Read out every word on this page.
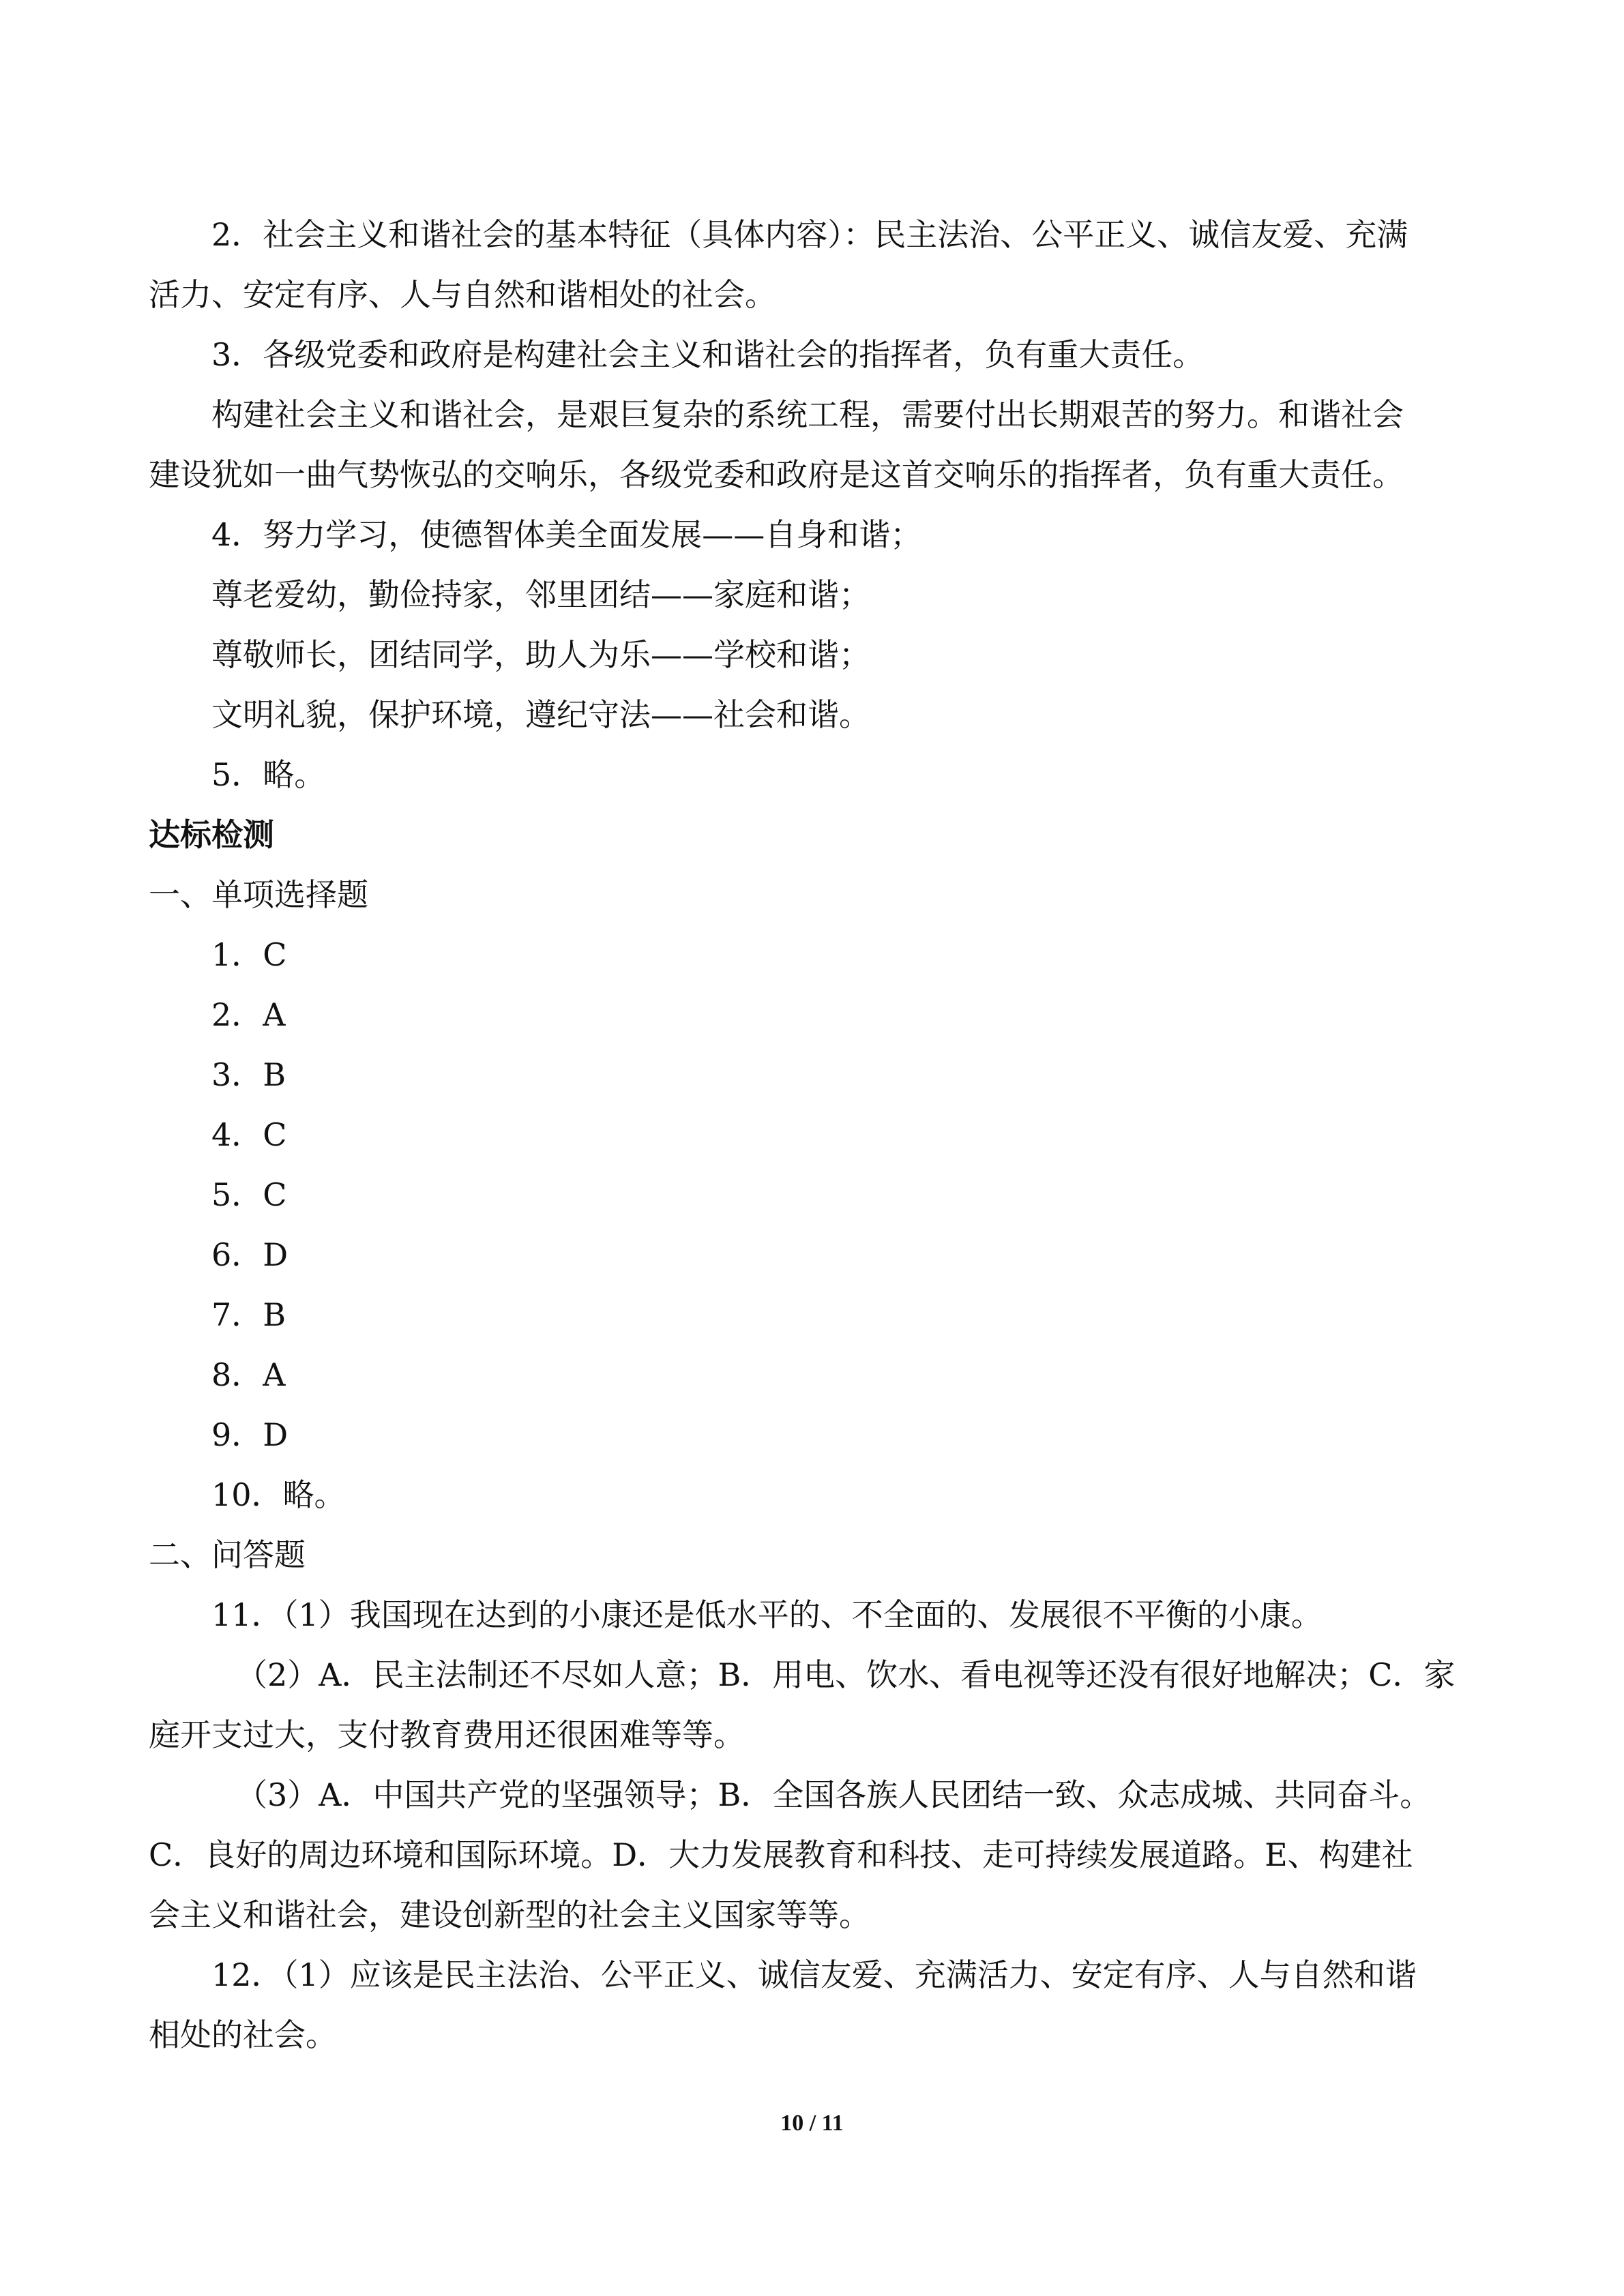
2．社会主义和谐社会的基本特征（具体内容）：民主法治、公平正义、诚信友爱、充满
活力、安定有序、人与自然和谐相处的社会。
3．各级党委和政府是构建社会主义和谐社会的指挥者，负有重大责任。
构建社会主义和谐社会，是艰巨复杂的系统工程，需要付出长期艰苦的努力。和谐社会
建设犹如一曲气势恢弘的交响乐，各级党委和政府是这首交响乐的指挥者，负有重大责任。
4．努力学习，使德智体美全面发展——自身和谐；
尊老爱幼，勤俭持家，邻里团结——家庭和谐；
尊敬师长，团结同学，助人为乐——学校和谐；
文明礼貌，保护环境，遵纪守法——社会和谐。
5．略。
达标检测
一、单项选择题
1．C
2．A
3．B
4．C
5．C
6．D
7．B
8．A
9．D
10．略。
二、问答题
11．（1）我国现在达到的小康还是低水平的、不全面的、发展很不平衡的小康。
（2）A．民主法制还不尽如人意；B．用电、饮水、看电视等还没有很好地解决；C．家
庭开支过大，支付教育费用还很困难等等。
（3）A．中国共产党的坚强领导；B．全国各族人民团结一致、众志成城、共同奋斗。
C．良好的周边环境和国际环境。D．大力发展教育和科技、走可持续发展道路。E、构建社
会主义和谐社会，建设创新型的社会主义国家等等。
12．（1）应该是民主法治、公平正义、诚信友爱、充满活力、安定有序、人与自然和谐
相处的社会。
10 / 11
